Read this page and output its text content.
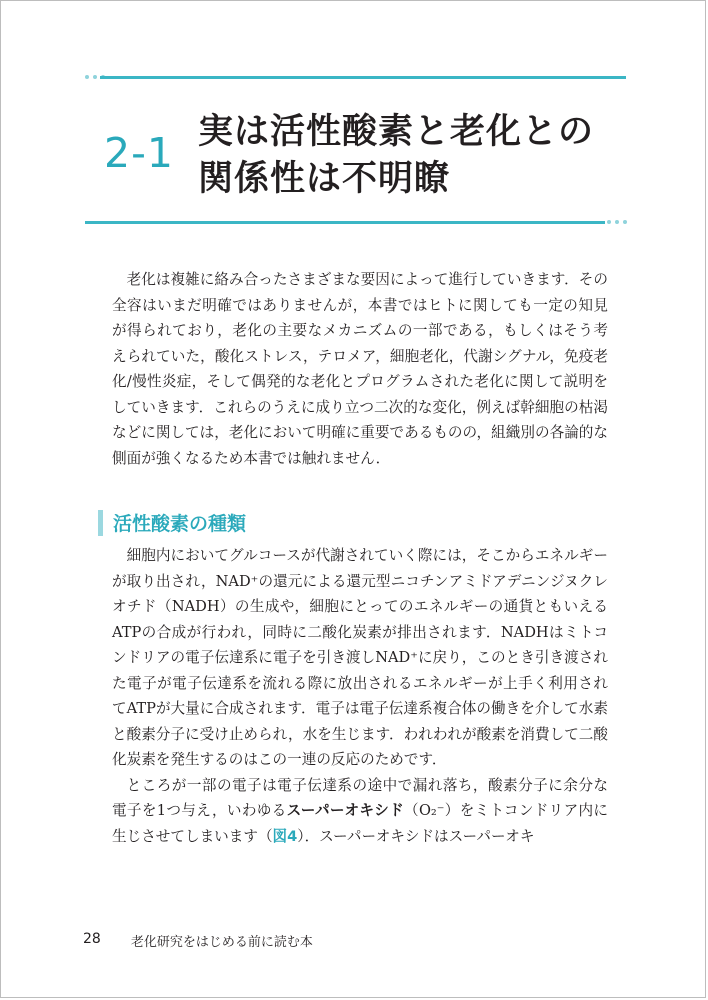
2-1 実は活性酸素と老化との
関係性は不明瞭

老化は複雑に絡み合ったさまざまな要因によって進行していきます．その全容はいまだ明確ではありませんが，本書ではヒトに関しても一定の知見が得られており，老化の主要なメカニズムの一部である，もしくはそう考えられていた，酸化ストレス，テロメア，細胞老化，代謝シグナル，免疫老化/慢性炎症，そして偶発的な老化とプログラムされた老化に関して説明をしていきます．これらのうえに成り立つ二次的な変化，例えば幹細胞の枯渇などに関しては，老化において明確に重要であるものの，組織別の各論的な側面が強くなるため本書では触れません．

活性酸素の種類

細胞内においてグルコースが代謝されていく際には，そこからエネルギーが取り出され，NAD⁺の還元による還元型ニコチンアミドアデニンジヌクレオチド（NADH）の生成や，細胞にとってのエネルギーの通貨ともいえるATPの合成が行われ，同時に二酸化炭素が排出されます．NADHはミトコンドリアの電子伝達系に電子を引き渡しNAD⁺に戻り，このとき引き渡された電子が電子伝達系を流れる際に放出されるエネルギーが上手く利用されてATPが大量に合成されます．電子は電子伝達系複合体の働きを介して水素と酸素分子に受け止められ，水を生じます．われわれが酸素を消費して二酸化炭素を発生するのはこの一連の反応のためです．

ところが一部の電子は電子伝達系の途中で漏れ落ち，酸素分子に余分な電子を1つ与え，いわゆるスーパーオキシド（O₂⁻）をミトコンドリア内に生じさせてしまいます（図4）．スーパーオキシドはスーパーオキ

28 老化研究をはじめる前に読む本
